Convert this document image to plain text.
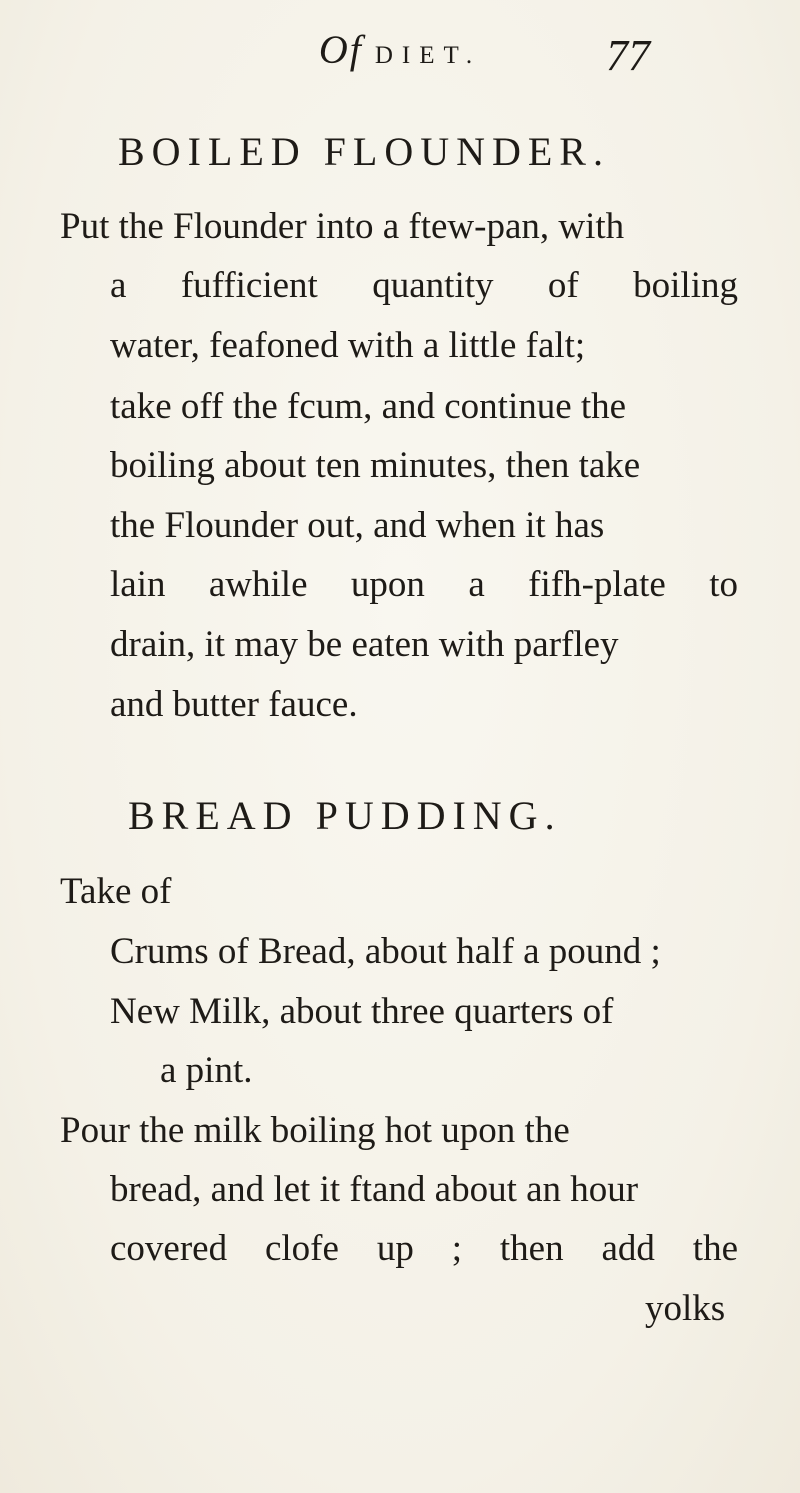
Of DIET.	77
BOILED FLOUNDER.
Put the Flounder into a ftew-pan, with
a fufficient quantity of boiling
water, feafoned with a little falt;
take off the fcum, and continue the
boiling about ten minutes, then take
the Flounder out, and when it has
lain awhile upon a fifh-plate to
drain, it may be eaten with parfley
and butter fauce.
BREAD PUDDING.
Take of
Crums of Bread, about half a pound ;
New Milk, about three quarters of
a pint.
Pour the milk boiling hot upon the
bread, and let it ftand about an hour
covered clofe up ; then add the
yolks
